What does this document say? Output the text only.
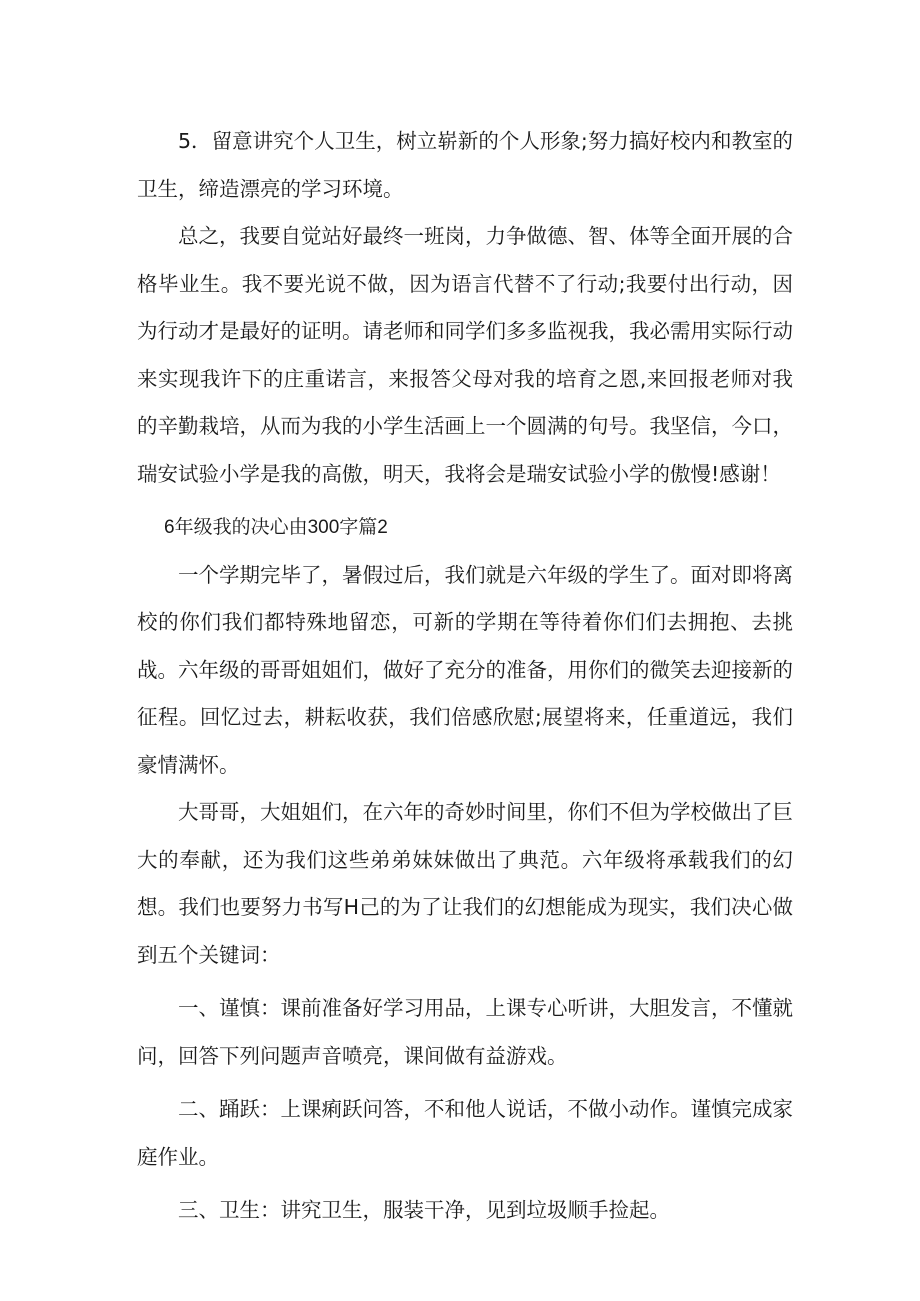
5．留意讲究个人卫生，树立崭新的个人形象;努力搞好校内和教室的卫生，缔造漂亮的学习环境。

总之，我要自觉站好最终一班岗，力争做德、智、体等全面开展的合格毕业生。我不要光说不做，因为语言代替不了行动;我要付出行动，因为行动才是最好的证明。请老师和同学们多多监视我，我必需用实际行动来实现我许下的庄重诺言，来报答父母对我的培育之恩,来回报老师对我的辛勤栽培，从而为我的小学生活画上一个圆满的句号。我坚信，今口，瑞安试验小学是我的高傲，明天，我将会是瑞安试验小学的傲慢!感谢！

6年级我的决心由300字篇2

一个学期完毕了，暑假过后，我们就是六年级的学生了。面对即将离校的你们我们都特殊地留恋，可新的学期在等待着你们们去拥抱、去挑战。六年级的哥哥姐姐们，做好了充分的准备，用你们的微笑去迎接新的征程。回忆过去，耕耘收获，我们倍感欣慰;展望将来，任重道远，我们豪情满怀。

大哥哥，大姐姐们，在六年的奇妙时间里，你们不但为学校做出了巨大的奉献，还为我们这些弟弟妹妹做出了典范。六年级将承载我们的幻想。我们也要努力书写H己的为了让我们的幻想能成为现实，我们决心做到五个关键词：

一、谨慎：课前准备好学习用品，上课专心听讲，大胆发言，不懂就问，回答下列问题声音喷亮，课间做有益游戏。

二、踊跃：上课痢跃问答，不和他人说话，不做小动作。谨慎完成家庭作业。

三、卫生：讲究卫生，服装干净，见到垃圾顺手捡起。
